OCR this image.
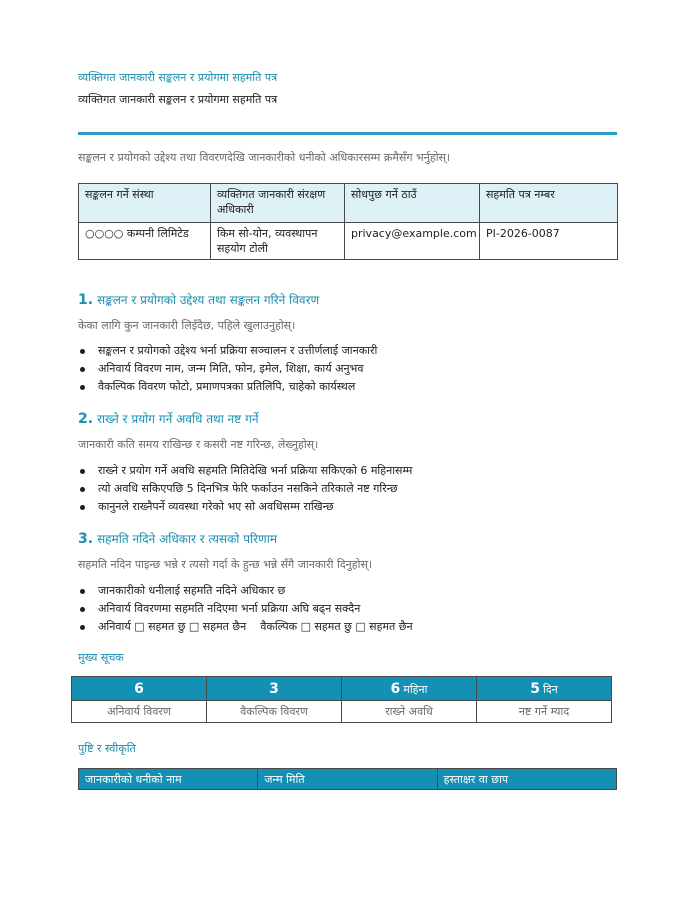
व्यक्तिगत जानकारी सङ्कलन र प्रयोगमा सहमति पत्र
व्यक्तिगत जानकारी सङ्कलन र प्रयोगमा सहमति पत्र
सङ्कलन र प्रयोगको उद्देश्य तथा विवरणदेखि जानकारीको धनीको अधिकारसम्म क्रमैसँग भर्नुहोस्।
सङ्कलन गर्ने संस्था	व्यक्तिगत जानकारी संरक्षण अधिकारी	सोधपुछ गर्ने ठाउँ	सहमति पत्र नम्बर
○○○○ कम्पनी लिमिटेड	किम सो-योन, व्यवस्थापन सहयोग टोली	privacy@example.com	PI-2026-0087
1. सङ्कलन र प्रयोगको उद्देश्य तथा सङ्कलन गरिने विवरण
केका लागि कुन जानकारी लिइँदैछ, पहिले खुलाउनुहोस्।
सङ्कलन र प्रयोगको उद्देश्य भर्ना प्रक्रिया सञ्चालन र उत्तीर्णलाई जानकारी
अनिवार्य विवरण नाम, जन्म मिति, फोन, इमेल, शिक्षा, कार्य अनुभव
वैकल्पिक विवरण फोटो, प्रमाणपत्रका प्रतिलिपि, चाहेको कार्यस्थल
2. राख्ने र प्रयोग गर्ने अवधि तथा नष्ट गर्ने
जानकारी कति समय राखिन्छ र कसरी नष्ट गरिन्छ, लेख्नुहोस्।
राख्ने र प्रयोग गर्ने अवधि सहमति मितिदेखि भर्ना प्रक्रिया सकिएको 6 महिनासम्म
त्यो अवधि सकिएपछि 5 दिनभित्र फेरि फर्काउन नसकिने तरिकाले नष्ट गरिन्छ
कानुनले राख्नैपर्ने व्यवस्था गरेको भए सो अवधिसम्म राखिन्छ
3. सहमति नदिने अधिकार र त्यसको परिणाम
सहमति नदिन पाइन्छ भन्ने र त्यसो गर्दा के हुन्छ भन्ने सँगै जानकारी दिनुहोस्।
जानकारीको धनीलाई सहमति नदिने अधिकार छ
अनिवार्य विवरणमा सहमति नदिएमा भर्ना प्रक्रिया अघि बढ्न सक्दैन
अनिवार्य □ सहमत छु □ सहमत छैन वैकल्पिक □ सहमत छु □ सहमत छैन
मुख्य सूचक
6	3	6 महिना	5 दिन
अनिवार्य विवरण	वैकल्पिक विवरण	राख्ने अवधि	नष्ट गर्ने म्याद
पुष्टि र स्वीकृति
जानकारीको धनीको नाम	जन्म मिति	हस्ताक्षर वा छाप
